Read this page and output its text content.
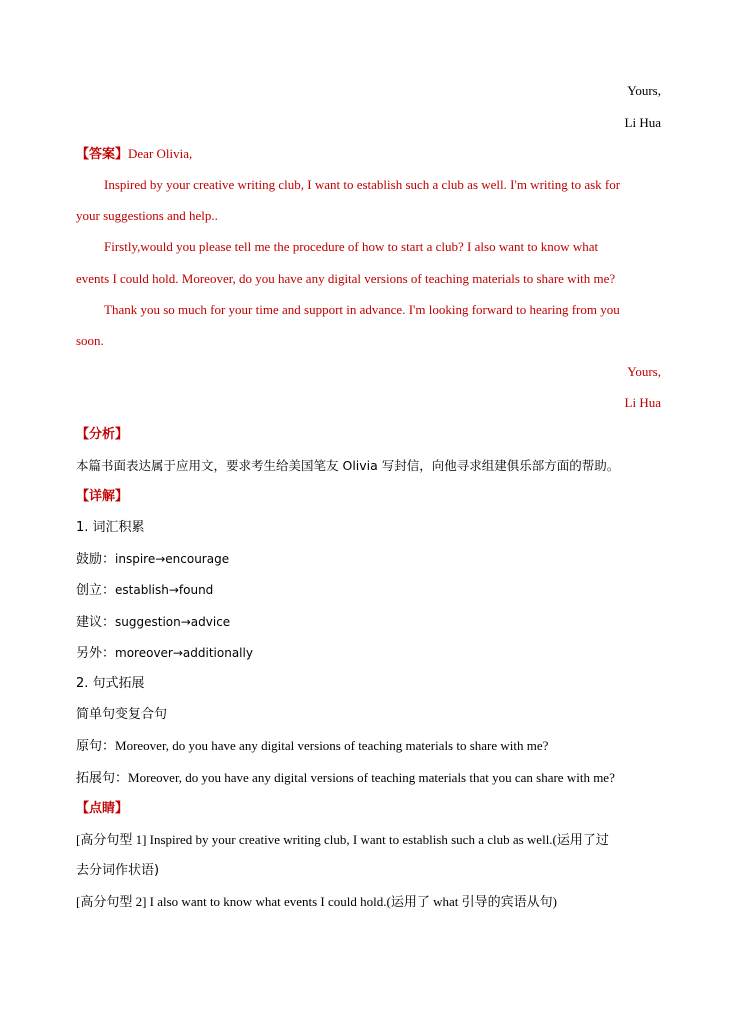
Yours,
Li Hua
【答案】Dear Olivia,
Inspired by your creative writing club, I want to establish such a club as well. I'm writing to ask for
your suggestions and help..
Firstly,would you please tell me the procedure of how to start a club? I also want to know what
events I could hold. Moreover, do you have any digital versions of teaching materials to share with me?
Thank you so much for your time and support in advance. I'm looking forward to hearing from you
soon.
Yours,
Li Hua
【分析】
本篇书面表达属于应用文，要求考生给美国笔友 Olivia 写封信，向他寻求组建俱乐部方面的帮助。
【详解】
1. 词汇积累
鼓励：inspire→encourage
创立：establish→found
建议：suggestion→advice
另外：moreover→additionally
2. 句式拓展
简单句变复合句
原句：Moreover, do you have any digital versions of teaching materials to share with me?
拓展句：Moreover, do you have any digital versions of teaching materials that you can share with me?
【点睛】
[高分句型 1] Inspired by your creative writing club, I want to establish such a club as well.(运用了过
去分词作状语)
[高分句型 2] I also want to know what events I could hold.(运用了 what 引导的宾语从句)
